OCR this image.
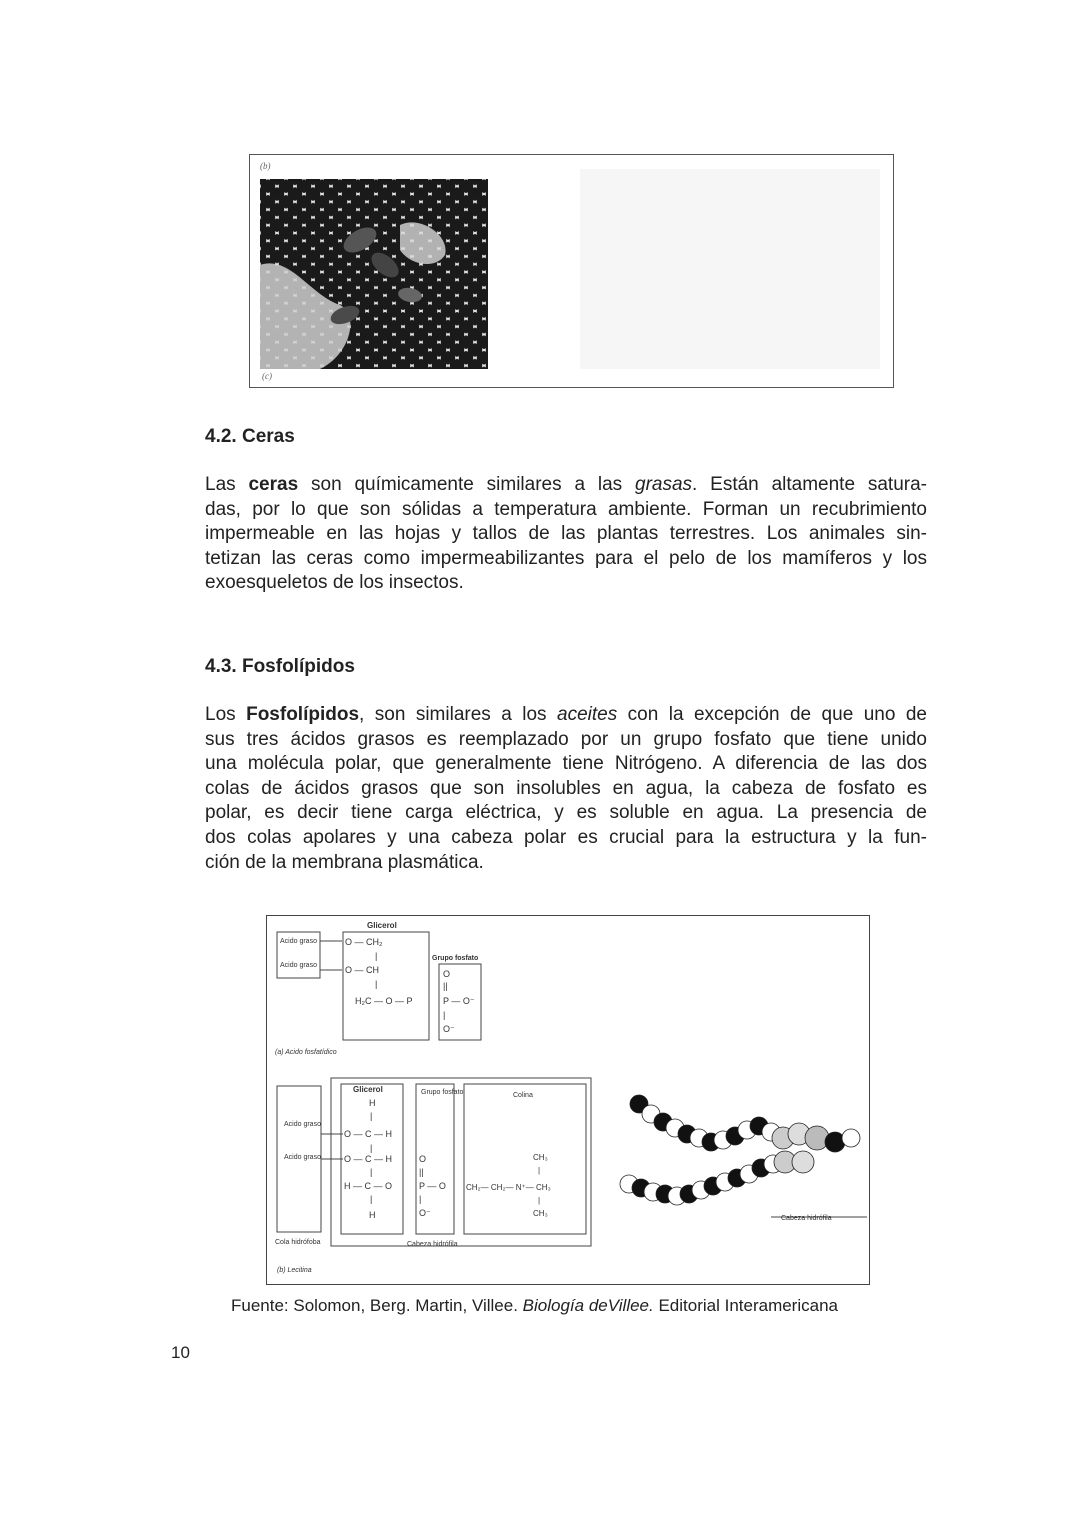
(b)
(c)
4.2. Ceras
Las ceras son químicamente similares a las grasas. Están altamente satura-
das, por lo que son sólidas a temperatura ambiente. Forman un recubrimiento
impermeable en las hojas y tallos de las plantas terrestres. Los animales sin-
tetizan las ceras como impermeabilizantes para el pelo de los mamíferos y los
exoesqueletos de los insectos.
4.3. Fosfolípidos
Los Fosfolípidos, son similares a los aceites con la excepción de que uno de
sus tres ácidos grasos es reemplazado por un grupo fosfato que tiene unido
una molécula polar, que generalmente tiene Nitrógeno. A diferencia de las dos
colas de ácidos grasos que son insolubles en agua, la cabeza de fosfato es
polar, es decir tiene carga eléctrica, y es soluble en agua. La presencia de
dos colas apolares y una cabeza polar es crucial para la estructura y la fun-
ción de la membrana plasmática.
Glicerol
Acido graso
Acido graso
O — CH₂
|
O — CH
|
H₂C — O — P
Grupo fosfato
O
||
P — O⁻
|
O⁻
(a) Acido fosfatídico
Acido graso
Acido graso
Glicerol
H
|
O — C — H
|
O — C — H
|
H — C — O
|
H
Grupo fosfato
O
||
P — O
|
O⁻
Colina
CH₃
|
CH₂— CH₂— N⁺— CH₃
|
CH₃
Cola hidrófoba	Cabeza hidrófila
(b) Lecitina
Cabeza hidrófila
Fuente: Solomon, Berg. Martin, Villee. Biología deVillee. Editorial Interamericana
10
